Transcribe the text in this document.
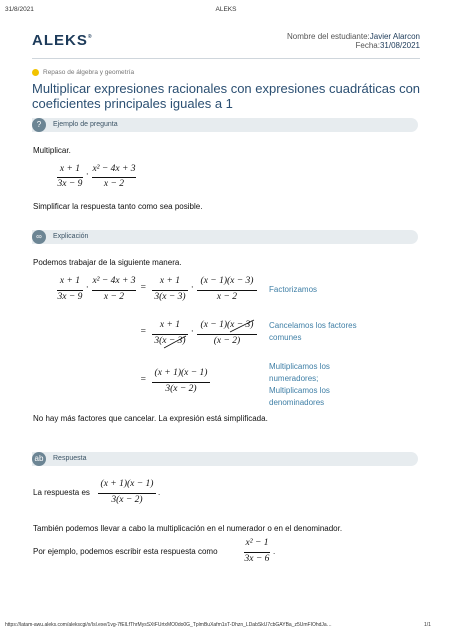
31/8/2021	ALEKS
ALEKS®	Nombre del estudiante:Javier Alarcon
Fecha:31/08/2021
Repaso de álgebra y geometría
Multiplicar expresiones racionales con expresiones cuadráticas con
coeficientes principales iguales a 1
?	Ejemplo de pregunta
Multiplicar.
x + 1
3x − 9
·
x² − 4x + 3
x − 2
Simplificar la respuesta tanto como sea posible.
∞	Explicación
Podemos trabajar de la siguiente manera.
x + 1
3x − 9
·
x² − 4x + 3
x − 2
=
x + 1
3(x − 3)
·
(x − 1)(x − 3)
x − 2
Factorizamos
=
x + 1
3(x − 3)
·
(x − 1)(x − 3)
(x − 2)
Cancelamos los factores
comunes
=
(x + 1)(x − 1)
3(x − 2)
Multiplicamos los
numeradores;
Multiplicamos los
denominadores
No hay más factores que cancelar. La expresión está simplificada.
ab	Respuesta
La respuesta es
(x + 1)(x − 1)
3(x − 2)
.
También podemos llevar a cabo la multiplicación en el numerador o en el denominador.
Por ejemplo, podemos escribir esta respuesta como
x² − 1
3x − 6
.
https://latam-awu.aleks.com/alekscgi/x/Isl.exe/1vg-7fElLfThrMysSXtFUrtxMO0do0G_TplmBuXafm1sT-Dhzn_LDabSkU7cbGAYBa_z5UmFIOhdJa…	1/1
